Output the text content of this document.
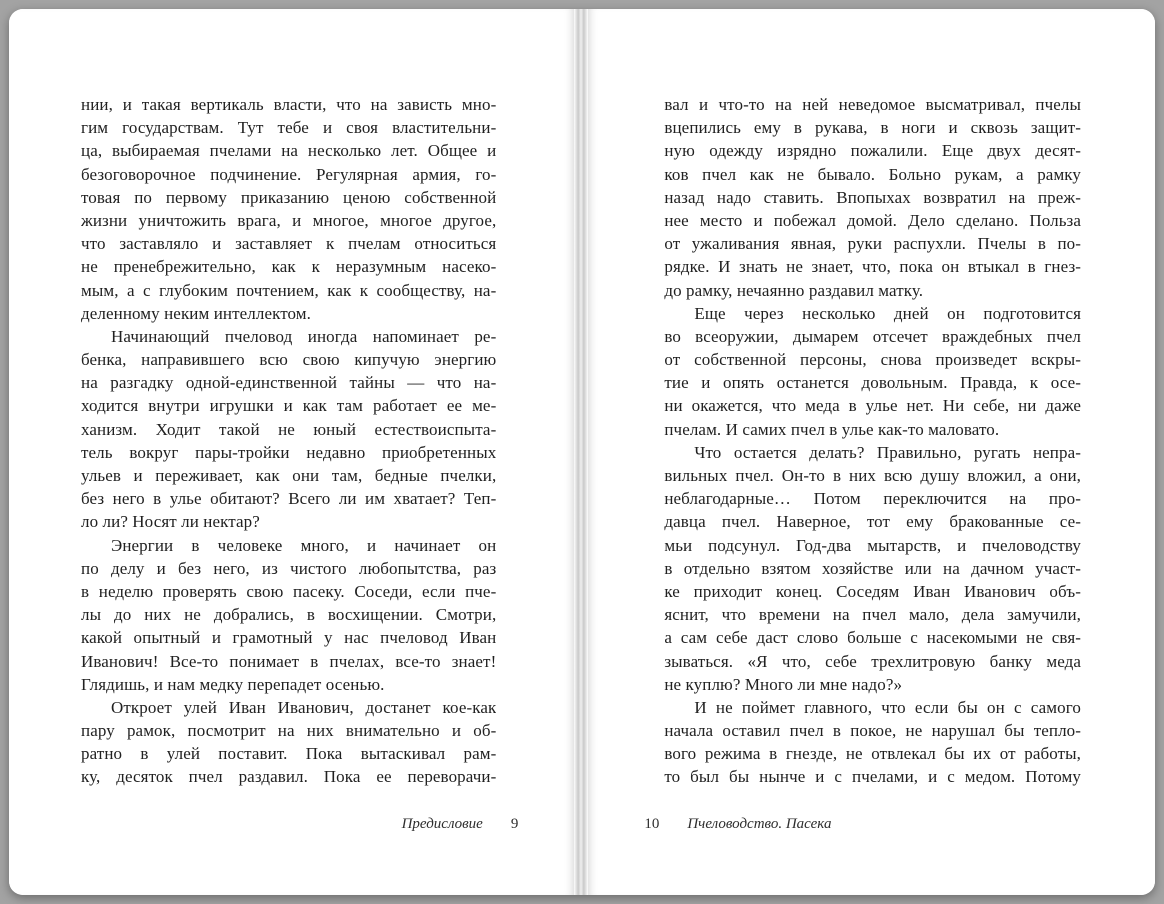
нии, и такая вертикаль власти, что на зависть мно-
гим государствам. Тут тебе и своя властительни-
ца, выбираемая пчелами на несколько лет. Общее и
безоговорочное подчинение. Регулярная армия, го-
товая по первому приказанию ценою собственной
жизни уничтожить врага, и многое, многое другое,
что заставляло и заставляет к пчелам относиться
не пренебрежительно, как к неразумным насеко-
мым, а с глубоким почтением, как к сообществу, на-
деленному неким интеллектом.
Начинающий пчеловод иногда напоминает ре-
бенка, направившего всю свою кипучую энергию
на разгадку одной-единственной тайны — что на-
ходится внутри игрушки и как там работает ее ме-
ханизм. Ходит такой не юный естествоиспыта-
тель вокруг пары-тройки недавно приобретенных
ульев и переживает, как они там, бедные пчелки,
без него в улье обитают? Всего ли им хватает? Теп-
ло ли? Носят ли нектар?
Энергии в человеке много, и начинает он
по делу и без него, из чистого любопытства, раз
в неделю проверять свою пасеку. Соседи, если пче-
лы до них не добрались, в восхищении. Смотри,
какой опытный и грамотный у нас пчеловод Иван
Иванович! Все-то понимает в пчелах, все-то знает!
Глядишь, и нам медку перепадет осенью.
Откроет улей Иван Иванович, достанет кое-как
пару рамок, посмотрит на них внимательно и об-
ратно в улей поставит. Пока вытаскивал рам-
ку, десяток пчел раздавил. Пока ее переворачи-
Предисловие 9
вал и что-то на ней неведомое высматривал, пчелы
вцепились ему в рукава, в ноги и сквозь защит-
ную одежду изрядно пожалили. Еще двух десят-
ков пчел как не бывало. Больно рукам, а рамку
назад надо ставить. Впопыхах возвратил на преж-
нее место и побежал домой. Дело сделано. Польза
от ужаливания явная, руки распухли. Пчелы в по-
рядке. И знать не знает, что, пока он втыкал в гнез-
до рамку, нечаянно раздавил матку.
Еще через несколько дней он подготовится
во всеоружии, дымарем отсечет враждебных пчел
от собственной персоны, снова произведет вскры-
тие и опять останется довольным. Правда, к осе-
ни окажется, что меда в улье нет. Ни себе, ни даже
пчелам. И самих пчел в улье как-то маловато.
Что остается делать? Правильно, ругать непра-
вильных пчел. Он-то в них всю душу вложил, а они,
неблагодарные… Потом переключится на про-
давца пчел. Наверное, тот ему бракованные се-
мьи подсунул. Год-два мытарств, и пчеловодству
в отдельно взятом хозяйстве или на дачном участ-
ке приходит конец. Соседям Иван Иванович объ-
яснит, что времени на пчел мало, дела замучили,
а сам себе даст слово больше с насекомыми не свя-
зываться. «Я что, себе трехлитровую банку меда
не куплю? Много ли мне надо?»
И не поймет главного, что если бы он с самого
начала оставил пчел в покое, не нарушал бы тепло-
вого режима в гнезде, не отвлекал бы их от работы,
то был бы нынче и с пчелами, и с медом. Потому
10 Пчеловодство. Пасека
